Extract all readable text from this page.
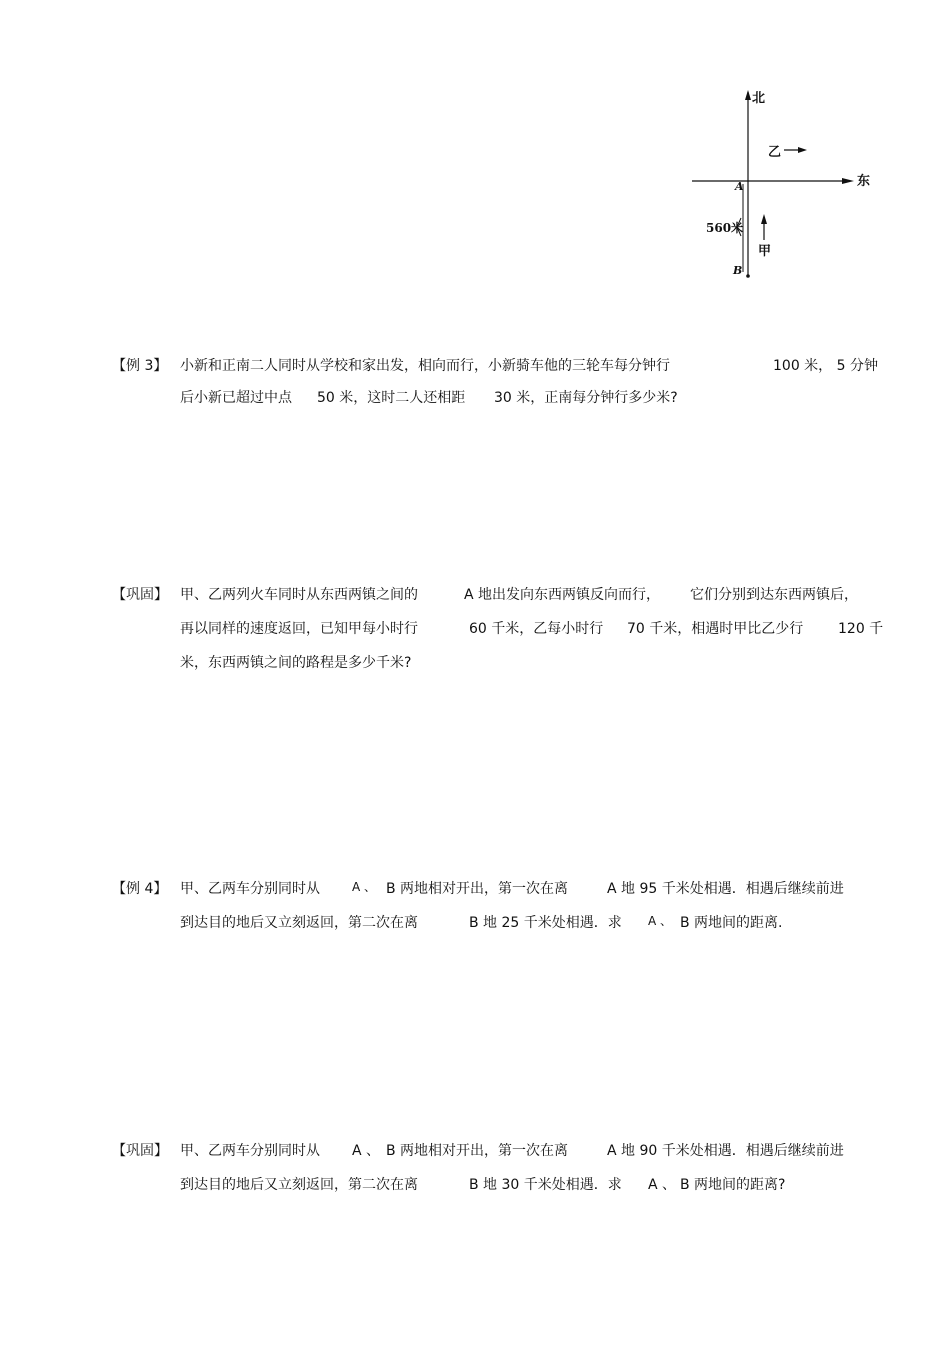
北
东
乙
A
B
560米
甲
【例 3】 小新和正南二人同时从学校和家出发，相向而行，小新骑车他的三轮车每分钟行	100 米， 5 分钟
后小新已超过中点 50 米，这时二人还相距 30 米，正南每分钟行多少米?
【巩固】 甲、乙两列火车同时从东西两镇之间的	A 地出发向东西两镇反向而行， 它们分别到达东西两镇后，
再以同样的速度返回，已知甲每小时行	60 千米，乙每小时行 70 千米，相遇时甲比乙少行 120 千
米，东西两镇之间的路程是多少千米?
【例 4】 甲、乙两车分别同时从	A 、 B 两地相对开出，第一次在离	A 地 95 千米处相遇．相遇后继续前进
到达目的地后又立刻返回，第二次在离	B 地 25 千米处相遇．求 A 、 B 两地间的距离.
【巩固】 甲、乙两车分别同时从 A 、 B 两地相对开出，第一次在离	A 地 90 千米处相遇．相遇后继续前进
到达目的地后又立刻返回，第二次在离	B 地 30 千米处相遇．求 A 、 B 两地间的距离?
